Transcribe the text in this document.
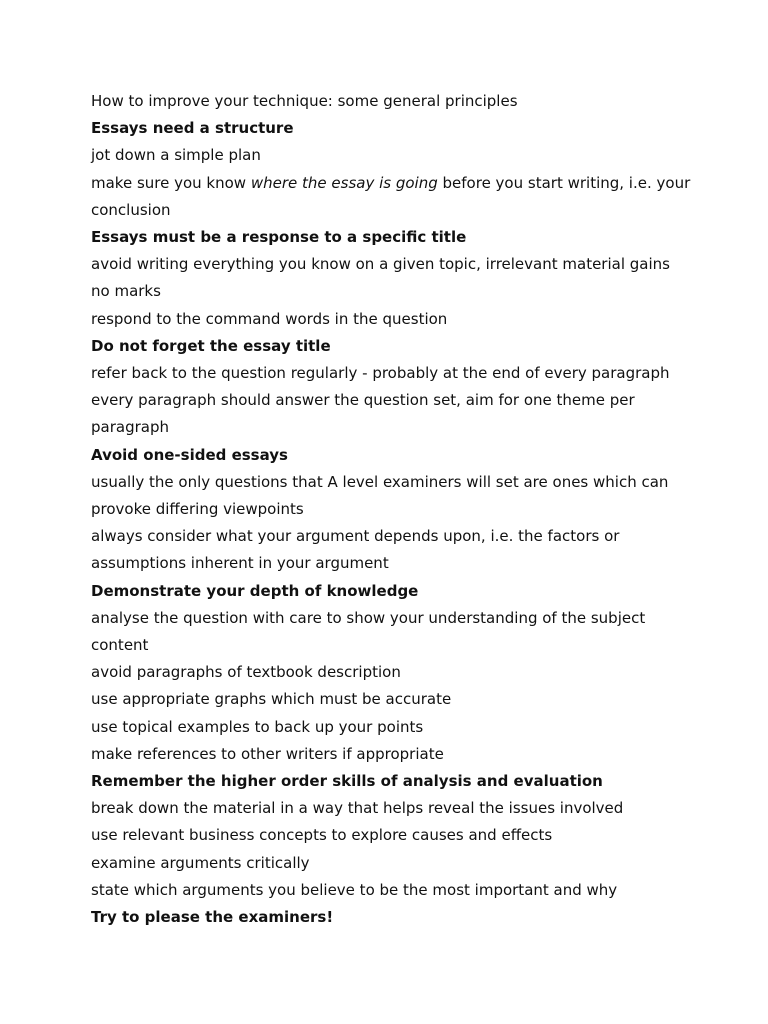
How to improve your technique: some general principles

Essays need a structure

jot down a simple plan

make sure you know where the essay is going before you start writing, i.e. your conclusion

Essays must be a response to a specific title

avoid writing everything you know on a given topic, irrelevant material gains no marks

respond to the command words in the question

Do not forget the essay title

refer back to the question regularly - probably at the end of every paragraph

every paragraph should answer the question set, aim for one theme per paragraph

Avoid one-sided essays

usually the only questions that A level examiners will set are ones which can provoke differing viewpoints

always consider what your argument depends upon, i.e. the factors or assumptions inherent in your argument

Demonstrate your depth of knowledge

analyse the question with care to show your understanding of the subject content

avoid paragraphs of textbook description

use appropriate graphs which must be accurate

use topical examples to back up your points

make references to other writers if appropriate

Remember the higher order skills of analysis and evaluation

break down the material in a way that helps reveal the issues involved

use relevant business concepts to explore causes and effects

examine arguments critically

state which arguments you believe to be the most important and why

Try to please the examiners!
